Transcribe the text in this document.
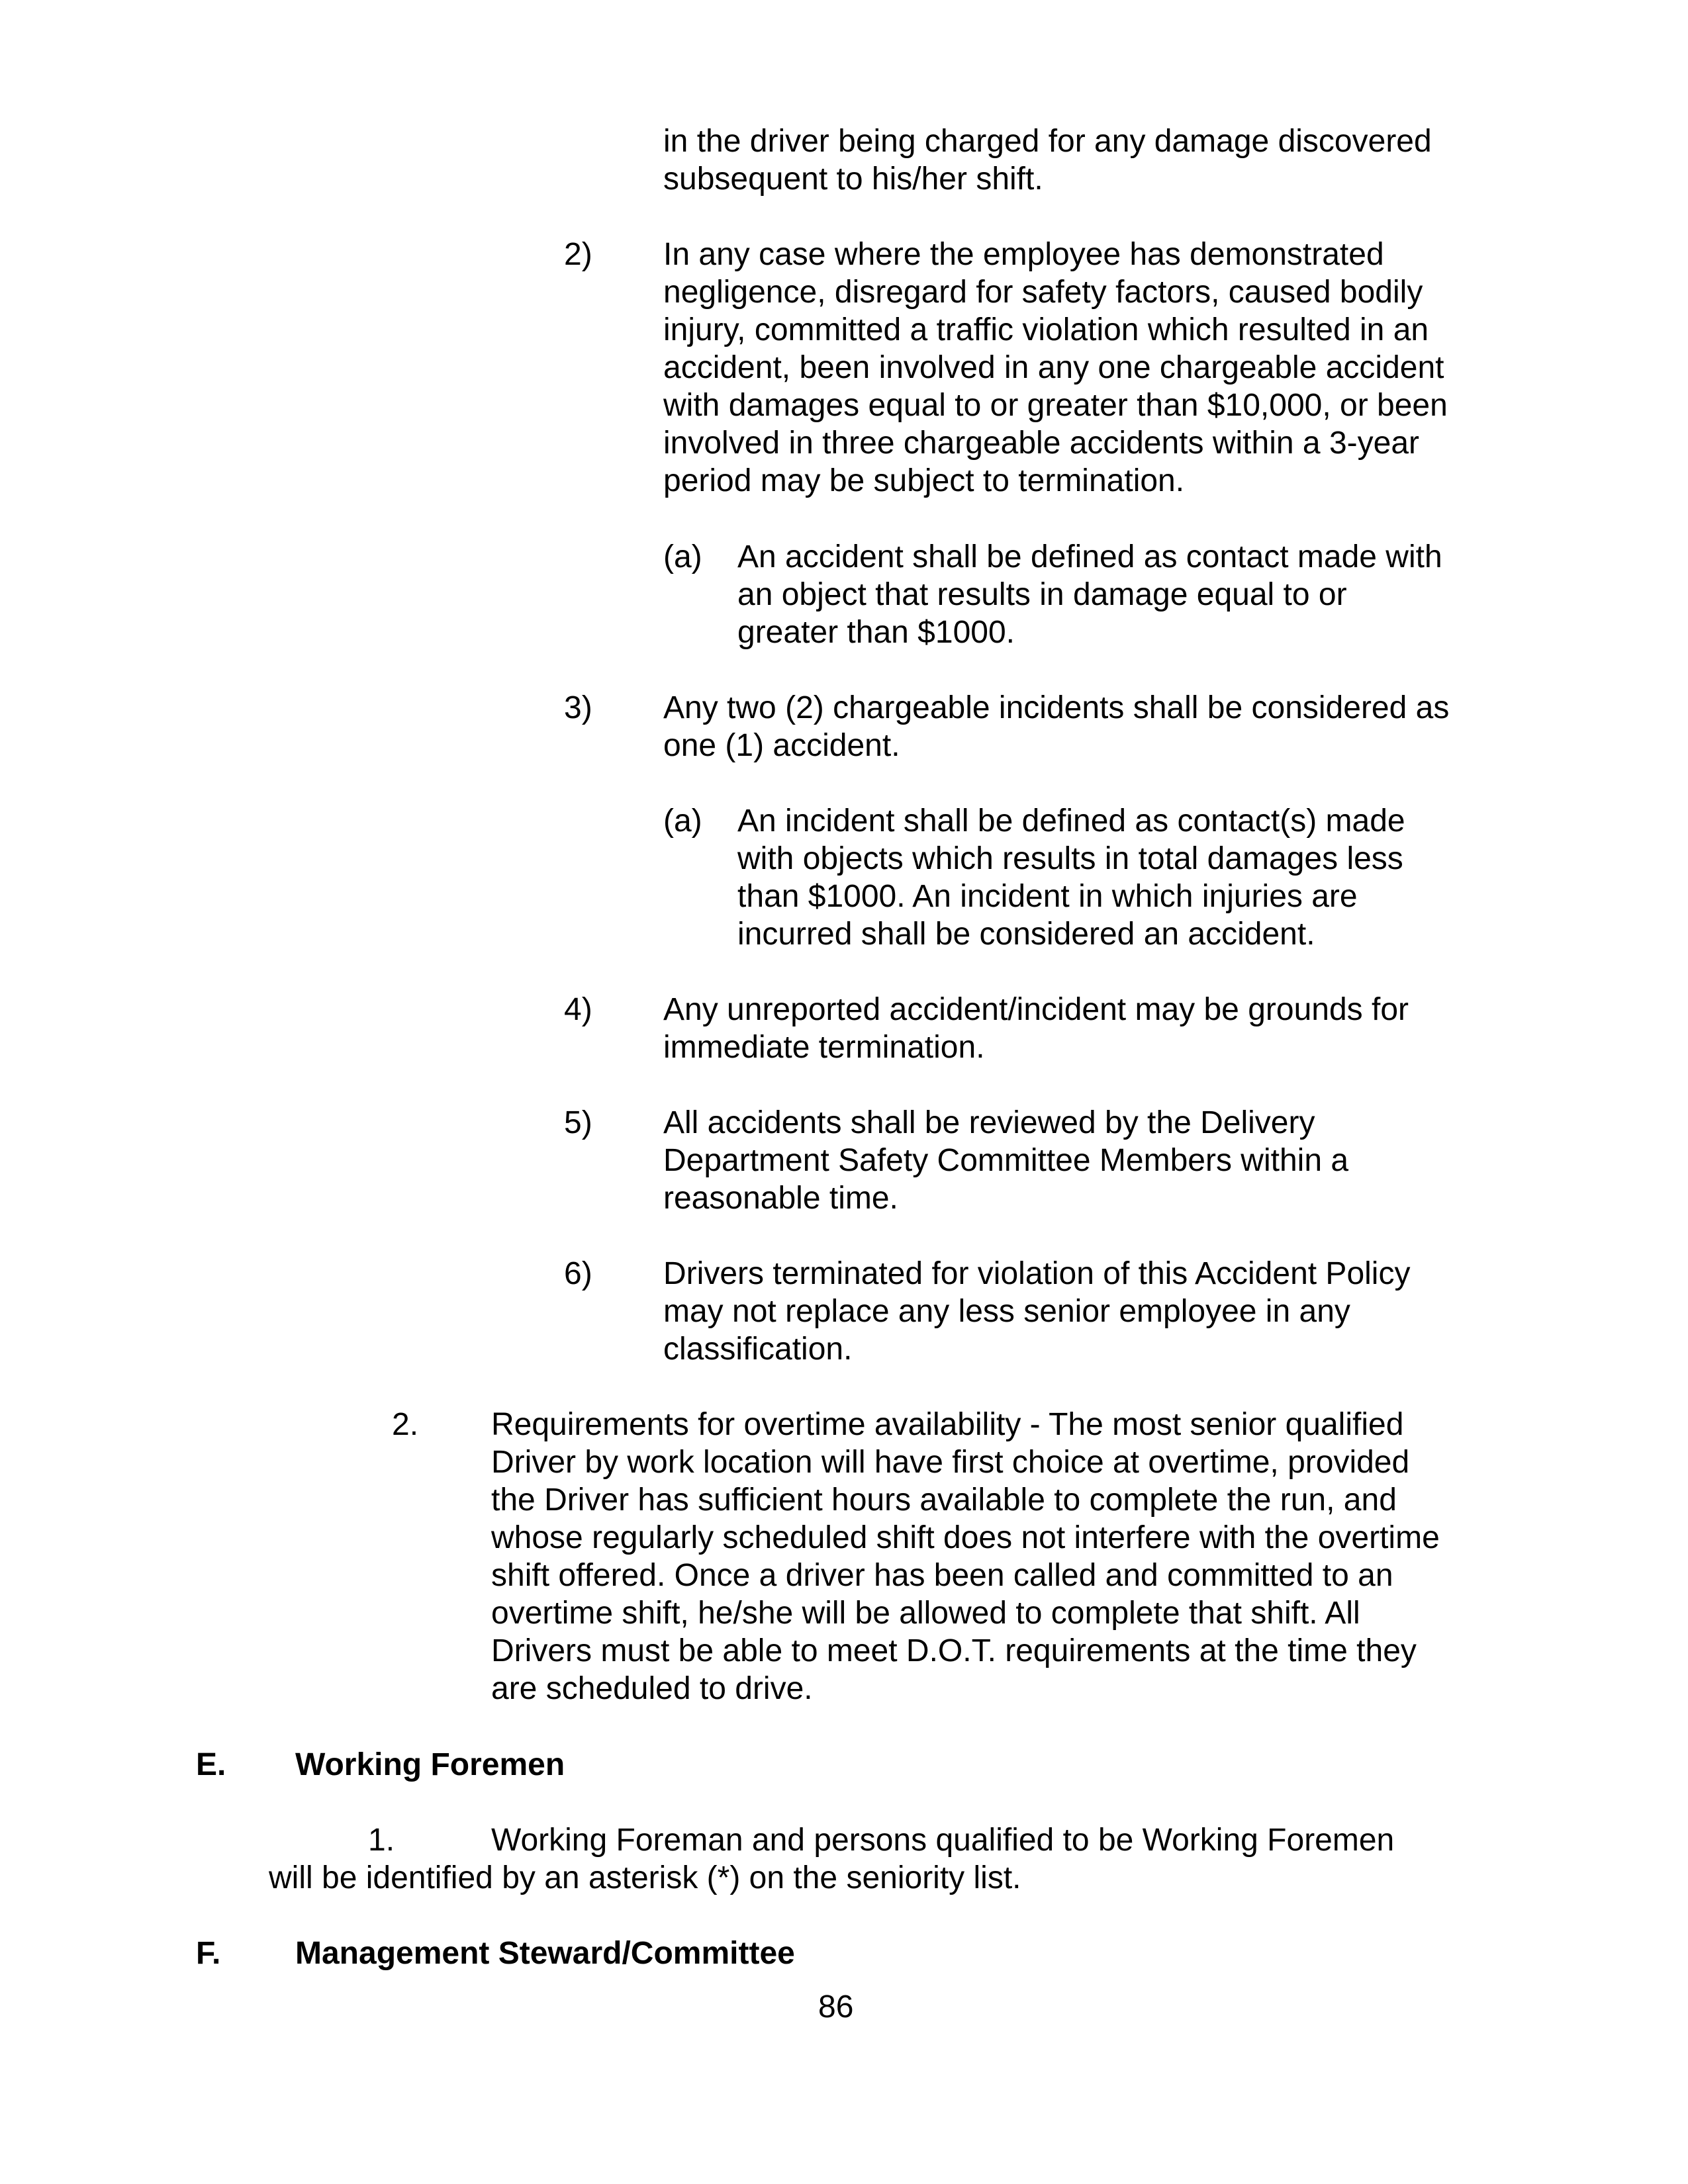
in the driver being charged for any damage discovered
subsequent to his/her shift.
2) In any case where the employee has demonstrated
negligence, disregard for safety factors, caused bodily
injury, committed a traffic violation which resulted in an
accident, been involved in any one chargeable accident
with damages equal to or greater than $10,000, or been
involved in three chargeable accidents within a 3-year
period may be subject to termination.
(a) An accident shall be defined as contact made with
an object that results in damage equal to or
greater than $1000.
3) Any two (2) chargeable incidents shall be considered as
one (1) accident.
(a) An incident shall be defined as contact(s) made
with objects which results in total damages less
than $1000. An incident in which injuries are
incurred shall be considered an accident.
4) Any unreported accident/incident may be grounds for
immediate termination.
5) All accidents shall be reviewed by the Delivery
Department Safety Committee Members within a
reasonable time.
6) Drivers terminated for violation of this Accident Policy
may not replace any less senior employee in any
classification.
2. Requirements for overtime availability - The most senior qualified
Driver by work location will have first choice at overtime, provided
the Driver has sufficient hours available to complete the run, and
whose regularly scheduled shift does not interfere with the overtime
shift offered. Once a driver has been called and committed to an
overtime shift, he/she will be allowed to complete that shift. All
Drivers must be able to meet D.O.T. requirements at the time they
are scheduled to drive.
E. Working Foremen
1.	Working Foreman and persons qualified to be Working Foremen
will be identified by an asterisk (*) on the seniority list.
F. Management Steward/Committee
86
